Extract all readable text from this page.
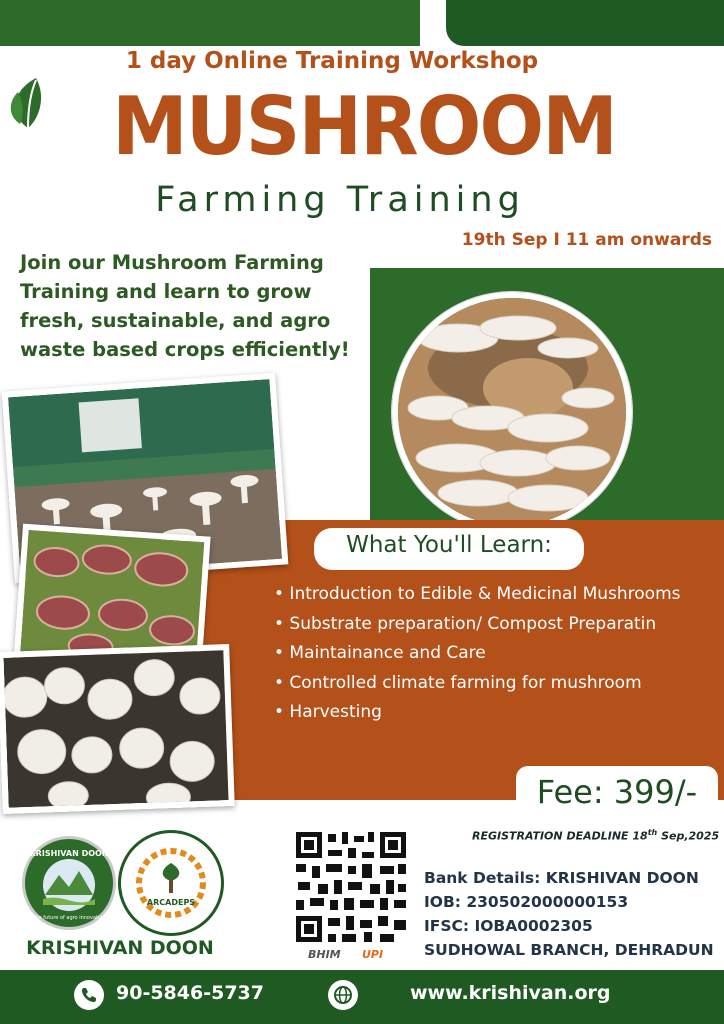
1 day Online Training Workshop
MUSHROOM
Farming Training
19th Sep I 11 am onwards
Join our Mushroom Farming Training and learn to grow fresh, sustainable, and agro waste based crops efficiently!
What You'll Learn:
• Introduction to Edible & Medicinal Mushrooms
• Substrate preparation/ Compost Preparatin
• Maintainance and Care
• Controlled climate farming for mushroom
• Harvesting
Fee: 399/-
REGISTRATION DEADLINE 18th Sep,2025
KRISHIVAN DOON
The future of agro innovation
ARCADEPS
KRISHIVAN DOON	BHIM UPI
Bank Details: KRISHIVAN DOON
IOB: 230502000000153
IFSC: IOBA0002305
SUDHOWAL BRANCH, DEHRADUN
90-5846-5737	www.krishivan.org
